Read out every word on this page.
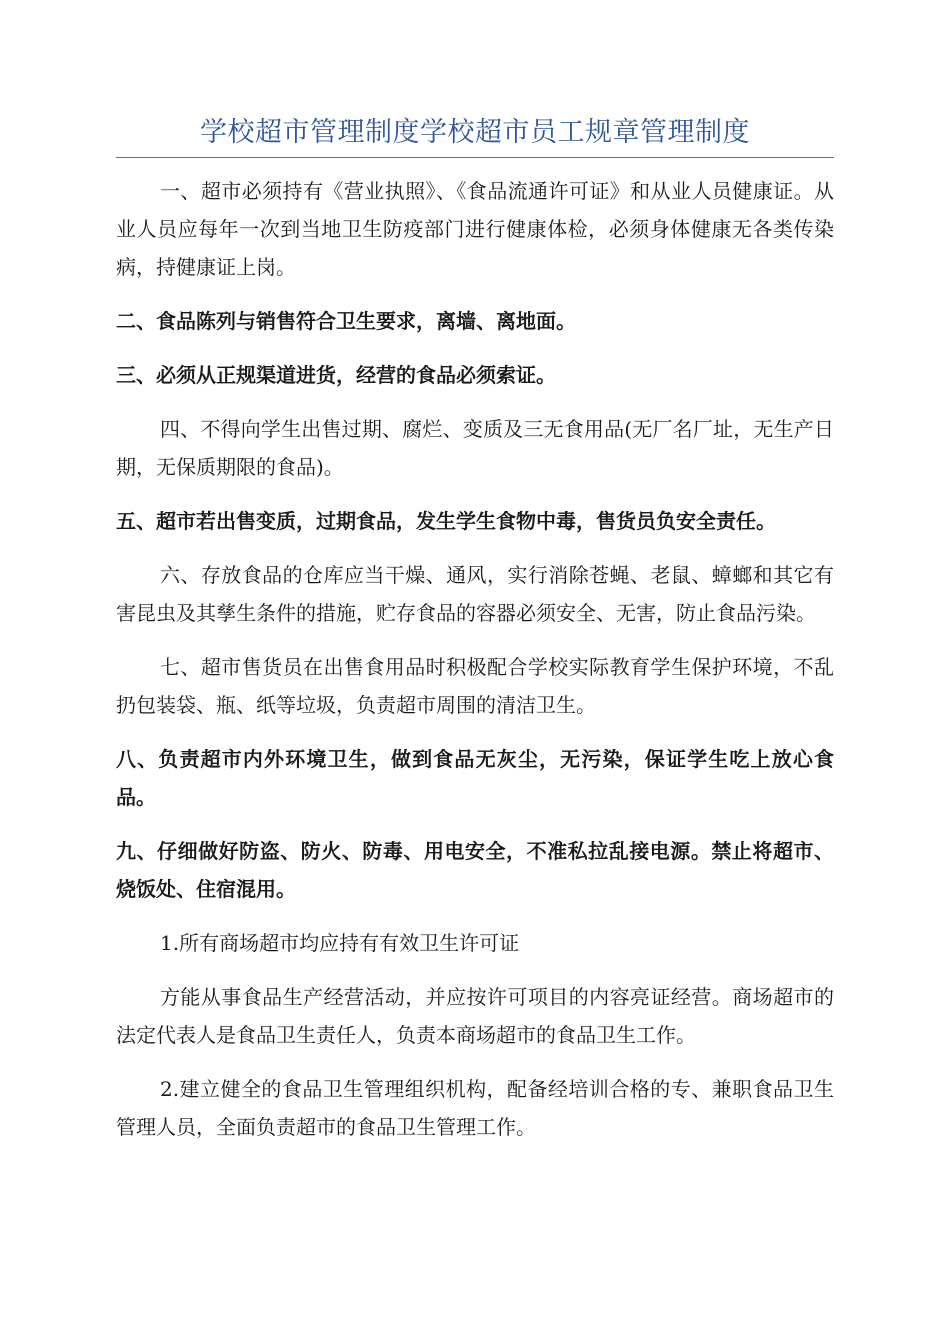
学校超市管理制度学校超市员工规章管理制度

一、超市必须持有《营业执照》、《食品流通许可证》和从业人员健康证。从业人员应每年一次到当地卫生防疫部门进行健康体检，必须身体健康无各类传染病，持健康证上岗。

二、食品陈列与销售符合卫生要求，离墙、离地面。

三、必须从正规渠道进货，经营的食品必须索证。

四、不得向学生出售过期、腐烂、变质及三无食用品(无厂名厂址，无生产日期，无保质期限的食品)。

五、超市若出售变质，过期食品，发生学生食物中毒，售货员负安全责任。

六、存放食品的仓库应当干燥、通风，实行消除苍蝇、老鼠、蟑螂和其它有害昆虫及其孳生条件的措施，贮存食品的容器必须安全、无害，防止食品污染。

七、超市售货员在出售食用品时积极配合学校实际教育学生保护环境，不乱扔包装袋、瓶、纸等垃圾，负责超市周围的清洁卫生。

八、负责超市内外环境卫生，做到食品无灰尘，无污染，保证学生吃上放心食品。

九、仔细做好防盗、防火、防毒、用电安全，不准私拉乱接电源。禁止将超市、烧饭处、住宿混用。

1.所有商场超市均应持有有效卫生许可证

方能从事食品生产经营活动，并应按许可项目的内容亮证经营。商场超市的法定代表人是食品卫生责任人，负责本商场超市的食品卫生工作。

2.建立健全的食品卫生管理组织机构，配备经培训合格的专、兼职食品卫生管理人员，全面负责超市的食品卫生管理工作。
